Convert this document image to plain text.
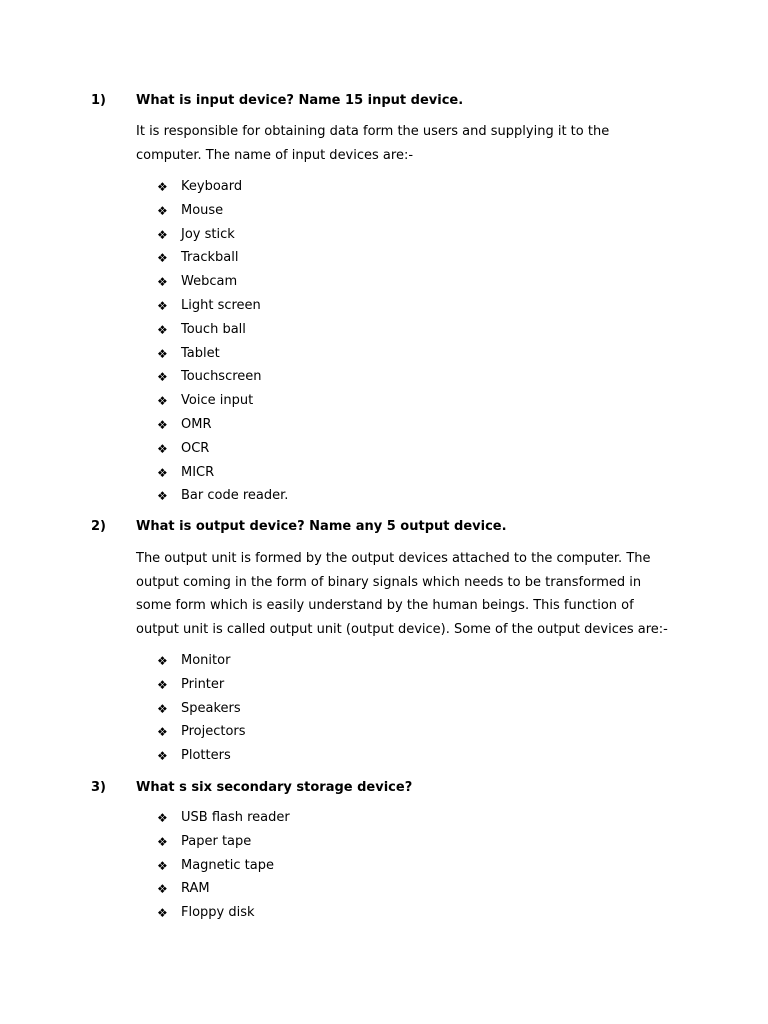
1) What is input device? Name 15 input device.
It is responsible for obtaining data form the users and supplying it to the
computer. The name of input devices are:-
❖ Keyboard
❖ Mouse
❖ Joy stick
❖ Trackball
❖ Webcam
❖ Light screen
❖ Touch ball
❖ Tablet
❖ Touchscreen
❖ Voice input
❖ OMR
❖ OCR
❖ MICR
❖ Bar code reader.
2) What is output device? Name any 5 output device.
The output unit is formed by the output devices attached to the computer. The
output coming in the form of binary signals which needs to be transformed in
some form which is easily understand by the human beings. This function of
output unit is called output unit (output device). Some of the output devices are:-
❖ Monitor
❖ Printer
❖ Speakers
❖ Projectors
❖ Plotters
3) What s six secondary storage device?
❖ USB flash reader
❖ Paper tape
❖ Magnetic tape
❖ RAM
❖ Floppy disk
